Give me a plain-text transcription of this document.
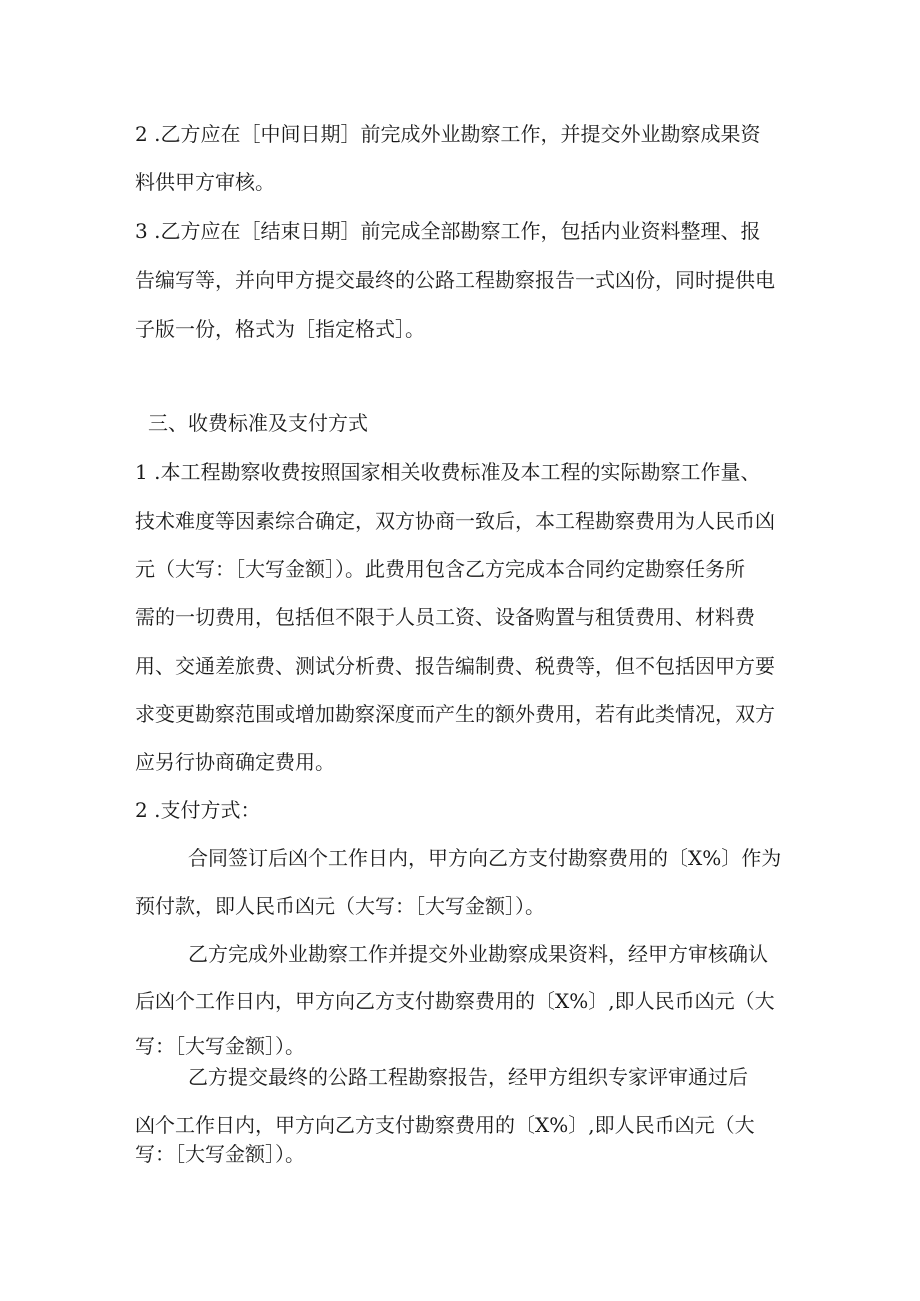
2 .乙方应在［中间日期］前完成外业勘察工作，并提交外业勘察成果资
料供甲方审核。
3 .乙方应在［结束日期］前完成全部勘察工作，包括内业资料整理、报
告编写等，并向甲方提交最终的公路工程勘察报告一式凶份，同时提供电
子版一份，格式为［指定格式］。
三、收费标准及支付方式
1 .本工程勘察收费按照国家相关收费标准及本工程的实际勘察工作量、
技术难度等因素综合确定，双方协商一致后，本工程勘察费用为人民币凶
元（大写：［大写金额］）。此费用包含乙方完成本合同约定勘察任务所
需的一切费用，包括但不限于人员工资、设备购置与租赁费用、材料费
用、交通差旅费、测试分析费、报告编制费、税费等，但不包括因甲方要
求变更勘察范围或增加勘察深度而产生的额外费用，若有此类情况，双方
应另行协商确定费用。
2 .支付方式：
合同签订后凶个工作日内，甲方向乙方支付勘察费用的〔X%〕作为
预付款，即人民币凶元（大写：［大写金额］）。
乙方完成外业勘察工作并提交外业勘察成果资料，经甲方审核确认
后凶个工作日内，甲方向乙方支付勘察费用的〔X%〕,即人民币凶元（大
写：［大写金额］）。
乙方提交最终的公路工程勘察报告，经甲方组织专家评审通过后
凶个工作日内，甲方向乙方支付勘察费用的〔X%〕,即人民币凶元（大
写：［大写金额］）。
